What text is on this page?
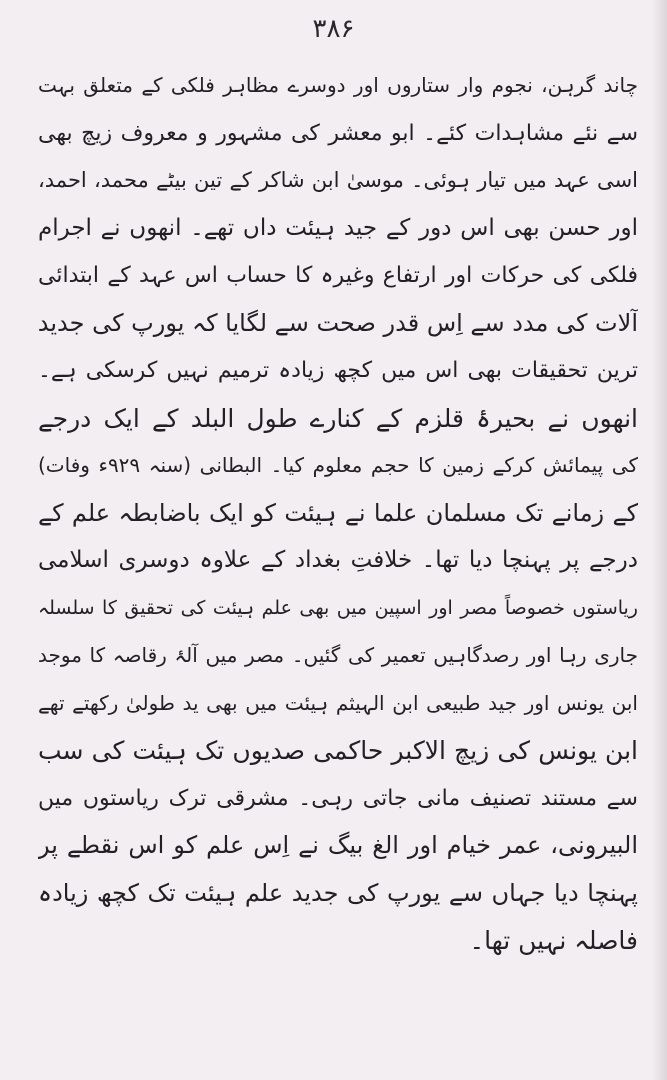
۳۸۶
چاند گرہن، نجوم وار ستاروں اور دوسرے مظاہر فلکی کے متعلق بہت
سے نئے مشاہدات کئے۔ ابو معشر کی مشہور و معروف زیچ بھی
اسی عہد میں تیار ہوئی۔ موسیٰ ابن شاکر کے تین بیٹے محمد، احمد،
اور حسن بھی اس دور کے جید ہیئت داں تھے۔ انھوں نے اجرام
فلکی کی حرکات اور ارتفاع وغیرہ کا حساب اس عہد کے ابتدائی
آلات کی مدد سے اِس قدر صحت سے لگایا کہ یورپ کی جدید
ترین تحقیقات بھی اس میں کچھ زیادہ ترمیم نہیں کرسکی ہے۔
انھوں نے بحیرۂ قلزم کے کنارے طول البلد کے ایک درجے
کی پیمائش کرکے زمین کا حجم معلوم کیا۔ البطانی (سنہ ۹۲۹ء وفات)
کے زمانے تک مسلمان علما نے ہیئت کو ایک باضابطہ علم کے
درجے پر پہنچا دیا تھا۔ خلافتِ بغداد کے علاوہ دوسری اسلامی
ریاستوں خصوصاً مصر اور اسپین میں بھی علم ہیئت کی تحقیق کا سلسلہ
جاری رہا اور رصدگاہیں تعمیر کی گئیں۔ مصر میں آلۂ رقاصہ کا موجد
ابن یونس اور جید طبیعی ابن الہیثم ہیئت میں بھی ید طولیٰ رکھتے تھے
ابن یونس کی زیچ الاکبر حاکمی صدیوں تک ہیئت کی سب
سے مستند تصنیف مانی جاتی رہی۔ مشرقی ترک ریاستوں میں
البیرونی، عمر خیام اور الغ بیگ نے اِس علم کو اس نقطے پر
پہنچا دیا جہاں سے یورپ کی جدید علم ہیئت تک کچھ زیادہ
فاصلہ نہیں تھا۔
